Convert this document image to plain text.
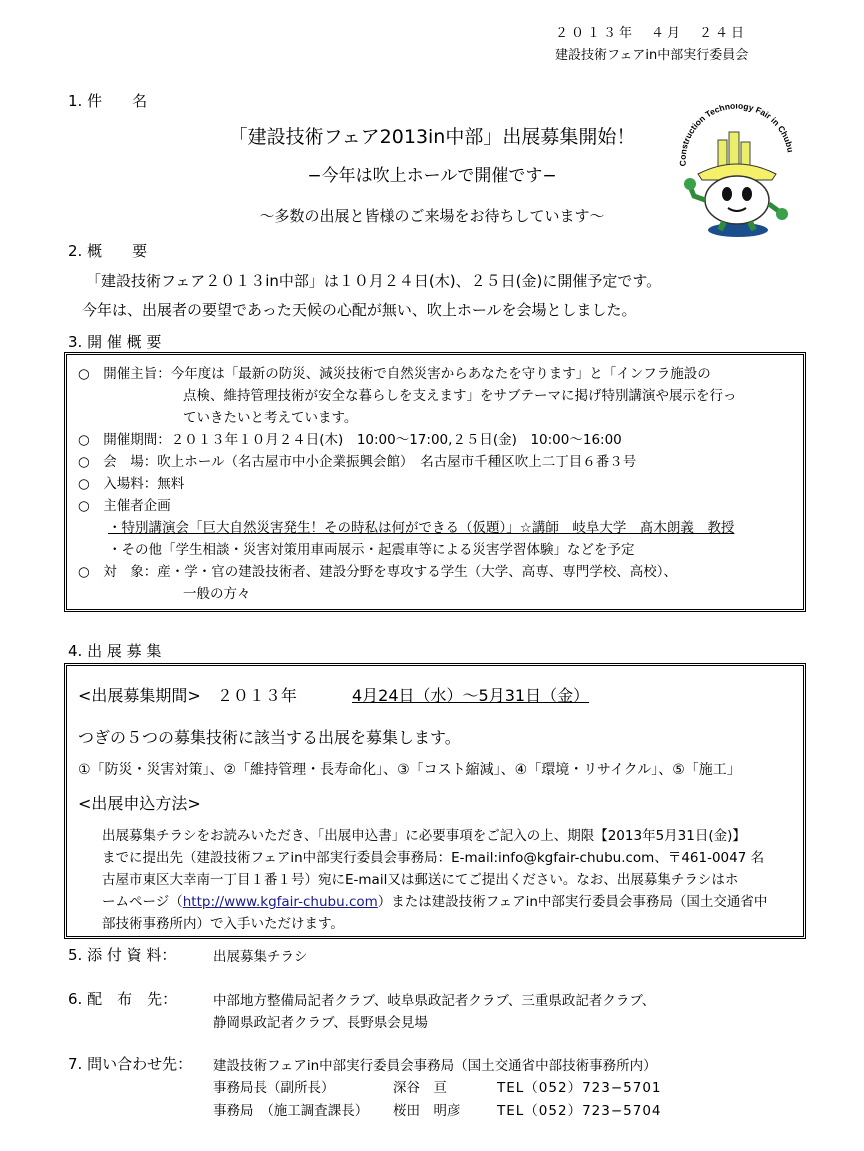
２０１３年　４月　２４日
建設技術フェアin中部実行委員会
1. 件　　名
「建設技術フェア2013in中部」出展募集開始！
−今年は吹上ホールで開催です−
〜多数の出展と皆様のご来場をお待ちしています〜
Construction Technology Fair in Chubu
2. 概　　要
「建設技術フェア２０１３in中部」は１０月２４日(木)、２５日(金)に開催予定です。
今年は、出展者の要望であった天候の心配が無い、吹上ホールを会場としました。
3. 開 催 概 要
○　開催主旨：今年度は「最新の防災、減災技術で自然災害からあなたを守ります」と「インフラ施設の
点検、維持管理技術が安全な暮らしを支えます」をサブテーマに掲げ特別講演や展示を行っ
ていきたいと考えています。
○　開催期間：２０１３年１０月２４日(木)　10:00〜17:00,２５日(金)　10:00〜16:00
○　会　場：吹上ホール（名古屋市中小企業振興会館）　名古屋市千種区吹上二丁目６番３号
○　入場料：無料
○　主催者企画
・特別講演会「巨大自然災害発生！その時私は何ができる（仮題）」☆講師　岐阜大学　髙木朗義　教授
・その他「学生相談・災害対策用車両展示・起震車等による災害学習体験」などを予定
○　対　象：産・学・官の建設技術者、建設分野を専攻する学生（大学、高専、専門学校、高校）、
一般の方々
4. 出 展 募 集
<出展募集期間>　２０１３年	4月24日（水）〜5月31日（金）
つぎの５つの募集技術に該当する出展を募集します。
①「防災・災害対策」、②「維持管理・長寿命化」、③「コスト縮減」、④「環境・リサイクル」、⑤「施工」
<出展申込方法>
出展募集チラシをお読みいただき、「出展申込書」に必要事項をご記入の上、期限【2013年5月31日(金)】
までに提出先（建設技術フェアin中部実行委員会事務局：E-mail:info@kgfair-chubu.com、〒461-0047 名
古屋市東区大幸南一丁目１番１号）宛にE-mail又は郵送にてご提出ください。なお、出展募集チラシはホ
ームページ（http://www.kgfair-chubu.com）または建設技術フェアin中部実行委員会事務局（国土交通省中
部技術事務所内）で入手いただけます。
5. 添 付 資 料：	出展募集チラシ
6. 配　布　先：	中部地方整備局記者クラブ、岐阜県政記者クラブ、三重県政記者クラブ、
静岡県政記者クラブ、長野県会見場
7. 問い合わせ先： 建設技術フェアin中部実行委員会事務局（国土交通省中部技術事務所内）
事務局長（副所長）	深谷　亘	TEL（052）723−5701
事務局　（施工調査課長） 桜田　明彦	TEL（052）723−5704
